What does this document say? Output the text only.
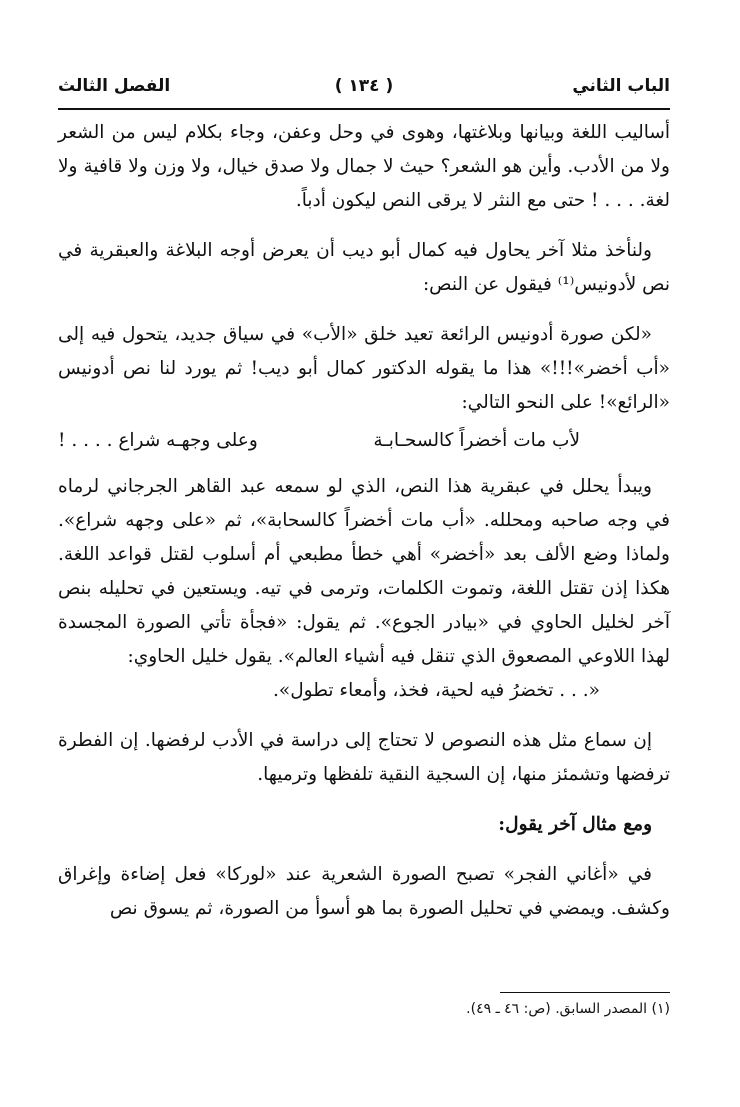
الباب الثاني
( ١٣٤ )
الفصل الثالث

أساليب اللغة وبيانها وبلاغتها، وهوى في وحل وعفن، وجاء بكلام ليس من الشعر ولا من الأدب. وأين هو الشعر؟ حيث لا جمال ولا صدق خيال، ولا وزن ولا قافية ولا لغة. . . . ! حتى مع النثر لا يرقى النص ليكون أدباً.

ولنأخذ مثلا آخر يحاول فيه كمال أبو ديب أن يعرض أوجه البلاغة والعبقرية في نص لأدونيس⁽¹⁾ فيقول عن النص:

«لكن صورة أدونيس الرائعة تعيد خلق «الأب» في سياق جديد، يتحول فيه إلى «أب أخضر»!!!» هذا ما يقوله الدكتور كمال أبو ديب! ثم يورد لنا نص أدونيس «الرائع»! على النحو التالي:

لأب مات أخضراً كالسحـابـة
وعلى وجهـه شراع . . . . !

ويبدأ يحلل في عبقرية هذا النص، الذي لو سمعه عبد القاهر الجرجاني لرماه في وجه صاحبه ومحلله. «أب مات أخضراً كالسحابة»، ثم «على وجهه شراع». ولماذا وضع الألف بعد «أخضر» أهي خطأ مطبعي أم أسلوب لقتل قواعد اللغة. هكذا إذن تقتل اللغة، وتموت الكلمات، وترمى في تيه. ويستعين في تحليله بنص آخر لخليل الحاوي في «بيادر الجوع». ثم يقول: «فجأة تأتي الصورة المجسدة لهذا اللاوعي المصعوق الذي تنقل فيه أشياء العالم». يقول خليل الحاوي:

«. . . تخضرُ فيه لحية، فخذ، وأمعاء تطول».

إن سماع مثل هذه النصوص لا تحتاج إلى دراسة في الأدب لرفضها. إن الفطرة ترفضها وتشمئز منها، إن السجية النقية تلفظها وترميها.

ومع مثال آخر يقول:

في «أغاني الفجر» تصبح الصورة الشعرية عند «لوركا» فعل إضاءة وإغراق وكشف. ويمضي في تحليل الصورة بما هو أسوأ من الصورة، ثم يسوق نص

(١) المصدر السابق. (ص: ٤٦ ـ ٤٩).
